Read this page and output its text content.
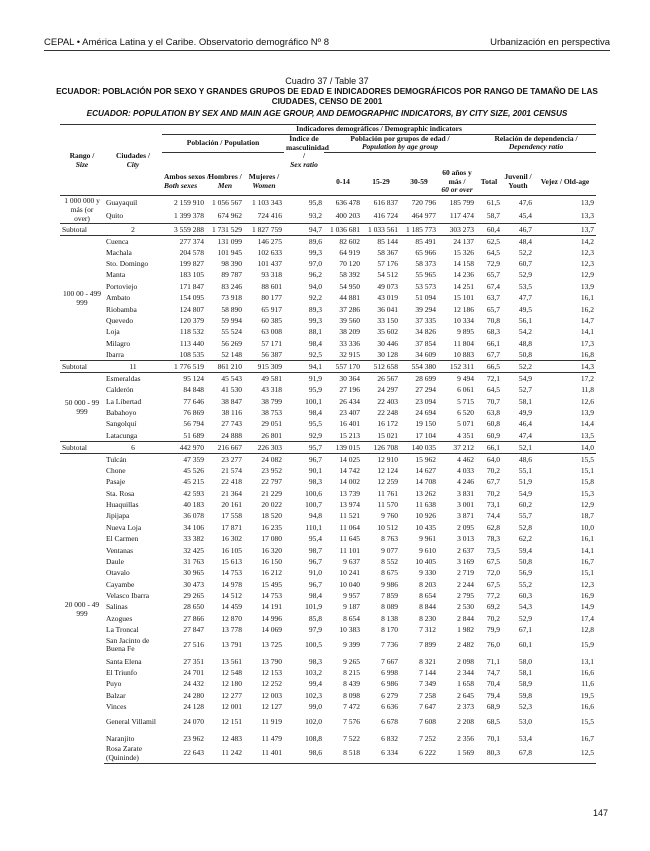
CEPAL • América Latina y el Caribe. Observatorio demográfico Nº 8	Urbanización en perspectiva
Cuadro 37 / Table 37
ECUADOR: POBLACIÓN POR SEXO Y GRANDES GRUPOS DE EDAD E INDICADORES DEMOGRÁFICOS POR RANGO DE TAMAÑO DE LAS CIUDADES, CENSO DE 2001
ECUADOR: POPULATION BY SEX AND MAIN AGE GROUP, AND DEMOGRAPHIC INDICATORS, BY CITY SIZE, 2001 CENSUS
		Indicadores demográficos / Demographic indicators										
		Población / Population			Índice de masculinidad /
Sex ratio	Población por grupos de edad /
Population by age group				Relación de dependencia /
Dependency ratio		

Rango /
Size	Ciudades /
City											

		Ambos sexos /
Both sexes	Hombres /
Men	Mujeres /
Women		0-14	15-29	30-59	60 años y más /
60 or over	Total	Juvenil / Youth	Vejez / Old-age
1 000 000 y más (or over)	Guayaquil	2 159 910	1 056 567	1 103 343	95,8	636 478	616 837	720 796	185 799	61,5	47,6	13,9
	Quito	1 399 378	674 962	724 416	93,2	400 203	416 724	464 977	117 474	58,7	45,4	13,3
Subtotal	2	3 559 288	1 731 529	1 827 759	94,7	1 036 681	1 033 561	1 185 773	303 273	60,4	46,7	13,7
100 00 - 499 999	Cuenca	277 374	131 099	146 275	89,6	82 602	85 144	85 491	24 137	62,5	48,4	14,2
	Machala	204 578	101 945	102 633	99,3	64 919	58 367	65 966	15 326	64,5	52,2	12,3
	Sto. Domingo	199 827	98 390	101 437	97,0	70 120	57 176	58 373	14 158	72,9	60,7	12,3
	Manta	183 105	89 787	93 318	96,2	58 392	54 512	55 965	14 236	65,7	52,9	12,9
	Portoviejo	171 847	83 246	88 601	94,0	54 950	49 073	53 573	14 251	67,4	53,5	13,9
	Ambato	154 095	73 918	80 177	92,2	44 881	43 019	51 094	15 101	63,7	47,7	16,1
	Riobamba	124 807	58 890	65 917	89,3	37 286	36 041	39 294	12 186	65,7	49,5	16,2
	Quevedo	120 379	59 994	60 385	99,3	39 560	33 150	37 335	10 334	70,8	56,1	14,7
	Loja	118 532	55 524	63 008	88,1	38 209	35 602	34 826	9 895	68,3	54,2	14,1
	Milagro	113 440	56 269	57 171	98,4	33 336	30 446	37 854	11 804	66,1	48,8	17,3
	Ibarra	108 535	52 148	56 387	92,5	32 915	30 128	34 609	10 883	67,7	50,8	16,8
Subtotal	11	1 776 519	861 210	915 309	94,1	557 170	512 658	554 380	152 311	66,5	52,2	14,3
50 000 - 99 999	Esmeraldas	95 124	45 543	49 581	91,9	30 364	26 567	28 699	9 494	72,1	54,9	17,2
	Calderón	84 848	41 530	43 318	95,9	27 196	24 297	27 294	6 061	64,5	52,7	11,8
	La Libertad	77 646	38 847	38 799	100,1	26 434	22 403	23 094	5 715	70,7	58,1	12,6
	Babahoyo	76 869	38 116	38 753	98,4	23 407	22 248	24 694	6 520	63,8	49,9	13,9
	Sangolquí	56 794	27 743	29 051	95,5	16 401	16 172	19 150	5 071	60,8	46,4	14,4
	Latacunga	51 689	24 888	26 801	92,9	15 213	15 021	17 104	4 351	60,9	47,4	13,5
Subtotal	6	442 970	216 667	226 303	95,7	139 015	126 708	140 035	37 212	66,1	52,1	14,0
20 000 - 49 999	Tulcán	47 359	23 277	24 082	96,7	14 025	12 910	15 962	4 462	64,0	48,6	15,5
	Chone	45 526	21 574	23 952	90,1	14 742	12 124	14 627	4 033	70,2	55,1	15,1
	Pasaje	45 215	22 418	22 797	98,3	14 002	12 259	14 708	4 246	67,7	51,9	15,8
	Sta. Rosa	42 593	21 364	21 229	100,6	13 739	11 761	13 262	3 831	70,2	54,9	15,3
	Huaquillas	40 183	20 161	20 022	100,7	13 974	11 570	11 638	3 001	73,1	60,2	12,9
	Jipijapa	36 078	17 558	18 520	94,8	11 521	9 760	10 926	3 871	74,4	55,7	18,7
	Nueva Loja	34 106	17 871	16 235	110,1	11 064	10 512	10 435	2 095	62,8	52,8	10,0
	El Carmen	33 382	16 302	17 080	95,4	11 645	8 763	9 961	3 013	78,3	62,2	16,1
	Ventanas	32 425	16 105	16 320	98,7	11 101	9 077	9 610	2 637	73,5	59,4	14,1
	Daule	31 763	15 613	16 150	96,7	9 637	8 552	10 405	3 169	67,5	50,8	16,7
	Otavalo	30 965	14 753	16 212	91,0	10 241	8 675	9 330	2 719	72,0	56,9	15,1
	Cayambe	30 473	14 978	15 495	96,7	10 040	9 986	8 203	2 244	67,5	55,2	12,3
	Velasco Ibarra	29 265	14 512	14 753	98,4	9 957	7 859	8 654	2 795	77,2	60,3	16,9
	Salinas	28 650	14 459	14 191	101,9	9 187	8 089	8 844	2 530	69,2	54,3	14,9
	Azogues	27 866	12 870	14 996	85,8	8 654	8 138	8 230	2 844	70,2	52,9	17,4
	La Troncal	27 847	13 778	14 069	97,9	10 383	8 170	7 312	1 982	79,9	67,1	12,8
	San Jacinto de Buena Fe	27 516	13 791	13 725	100,5	9 399	7 736	7 899	2 482	76,0	60,1	15,9
	Santa Elena	27 351	13 561	13 790	98,3	9 265	7 667	8 321	2 098	71,1	58,0	13,1
	El Triunfo	24 701	12 548	12 153	103,2	8 215	6 998	7 144	2 344	74,7	58,1	16,6
	Puyo	24 432	12 180	12 252	99,4	8 439	6 986	7 349	1 658	70,4	58,9	11,6
	Balzar	24 280	12 277	12 003	102,3	8 098	6 279	7 258	2 645	79,4	59,8	19,5
	Vinces	24 128	12 001	12 127	99,0	7 472	6 636	7 647	2 373	68,9	52,3	16,6
	General Villamil	24 070	12 151	11 919	102,0	7 576	6 678	7 608	2 208	68,5	53,0	15,5
	Naranjito	23 962	12 483	11 479	108,8	7 522	6 832	7 252	2 356	70,1	53,4	16,7
	Rosa Zarate (Quininde)	22 643	11 242	11 401	98,6	8 518	6 334	6 222	1 569	80,3	67,8	12,5
147
